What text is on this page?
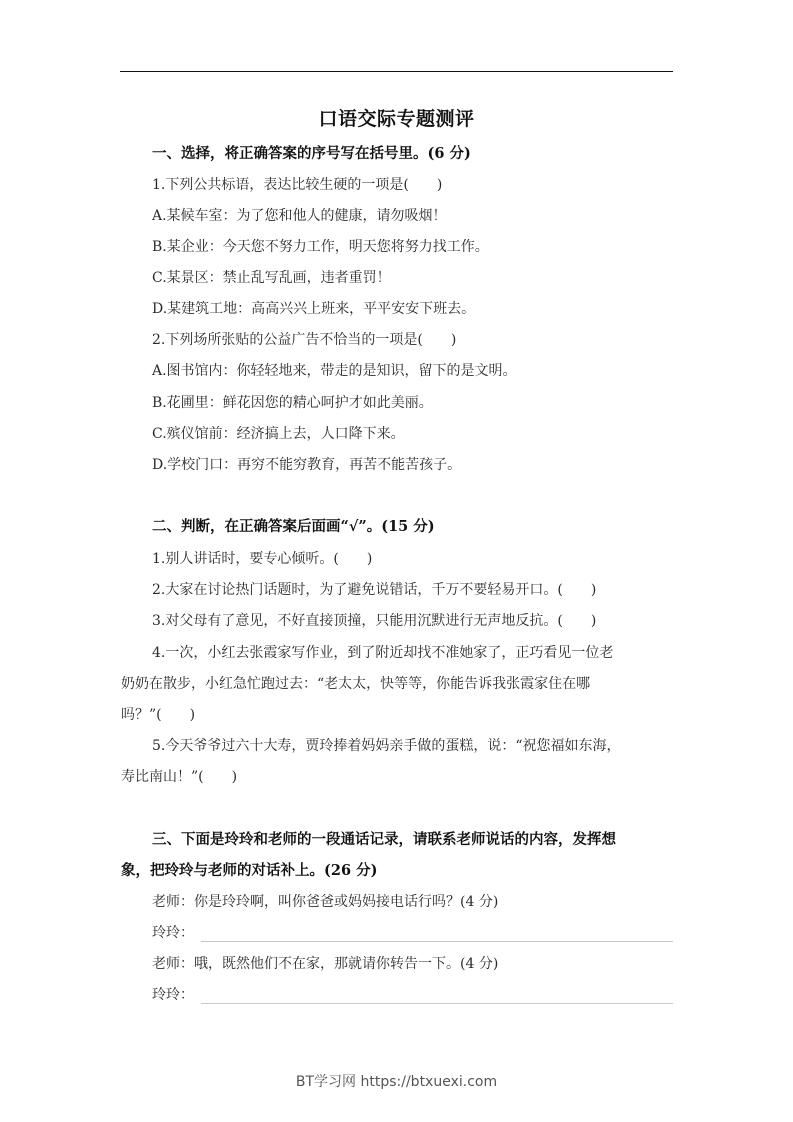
口语交际专题测评
一、选择，将正确答案的序号写在括号里。(6 分)
1.下列公共标语，表达比较生硬的一项是(　　)
A.某候车室：为了您和他人的健康，请勿吸烟！
B.某企业：今天您不努力工作，明天您将努力找工作。
C.某景区：禁止乱写乱画，违者重罚！
D.某建筑工地：高高兴兴上班来，平平安安下班去。
2.下列场所张贴的公益广告不恰当的一项是(　　)
A.图书馆内：你轻轻地来，带走的是知识，留下的是文明。
B.花圃里：鲜花因您的精心呵护才如此美丽。
C.殡仪馆前：经济搞上去，人口降下来。
D.学校门口：再穷不能穷教育，再苦不能苦孩子。
二、判断，在正确答案后面画“√”。(15 分)
1.别人讲话时，要专心倾听。(　　)
2.大家在讨论热门话题时，为了避免说错话，千万不要轻易开口。(　　)
3.对父母有了意见，不好直接顶撞，只能用沉默进行无声地反抗。(　　)
4.一次，小红去张霞家写作业，到了附近却找不准她家了，正巧看见一位老
奶奶在散步，小红急忙跑过去：“老太太，快等等，你能告诉我张霞家住在哪
吗？”(　　)
5.今天爷爷过六十大寿，贾玲捧着妈妈亲手做的蛋糕，说：“祝您福如东海，
寿比南山！”(　　)
三、下面是玲玲和老师的一段通话记录，请联系老师说话的内容，发挥想
象，把玲玲与老师的对话补上。(26 分)
老师：你是玲玲啊，叫你爸爸或妈妈接电话行吗？(4 分)
玲玲：
老师：哦，既然他们不在家，那就请你转告一下。(4 分)
玲玲：
BT学习网 https://btxuexi.com
